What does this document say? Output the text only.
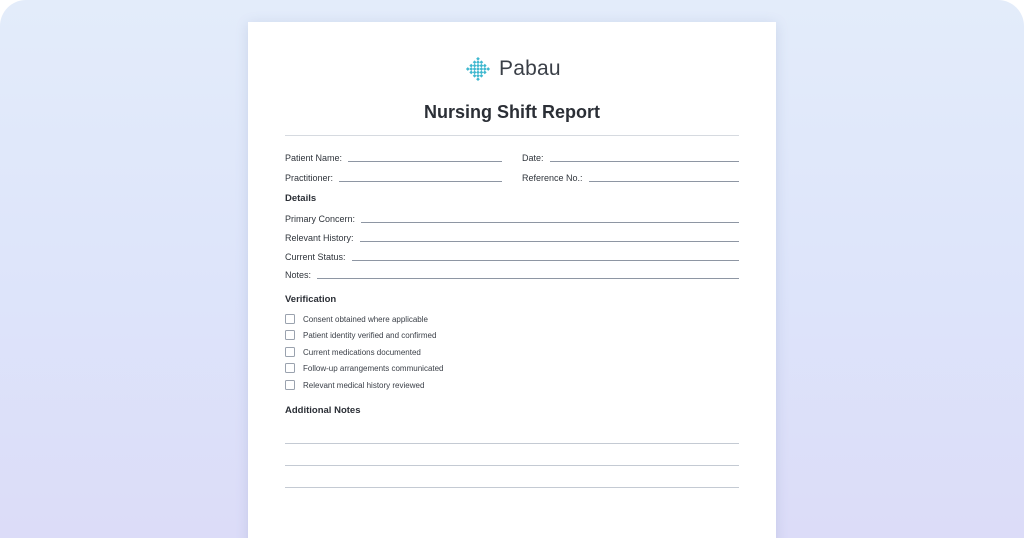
Pabau
Nursing Shift Report
Patient Name:	Date:
Practitioner:	Reference No.:
Details
Primary Concern:
Relevant History:
Current Status:
Notes:
Verification
Consent obtained where applicable
Patient identity verified and confirmed
Current medications documented
Follow-up arrangements communicated
Relevant medical history reviewed
Additional Notes
